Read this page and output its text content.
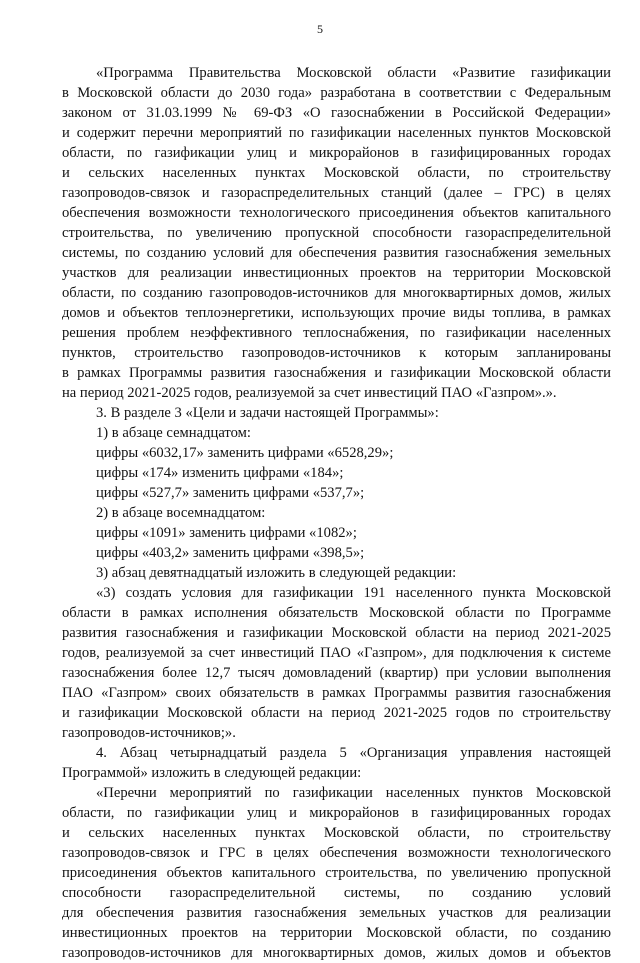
5
«Программа Правительства Московской области «Развитие газификации
в Московской области до 2030 года» разработана в соответствии с Федеральным
законом от 31.03.1999 № 69-ФЗ «О газоснабжении в Российской Федерации»
и содержит перечни мероприятий по газификации населенных пунктов Московской
области, по газификации улиц и микрорайонов в газифицированных городах
и сельских населенных пунктах Московской области, по строительству
газопроводов-связок и газораспределительных станций (далее – ГРС) в целях
обеспечения возможности технологического присоединения объектов капитального
строительства, по увеличению пропускной способности газораспределительной
системы, по созданию условий для обеспечения развития газоснабжения земельных
участков для реализации инвестиционных проектов на территории Московской
области, по созданию газопроводов-источников для многоквартирных домов, жилых
домов и объектов теплоэнергетики, использующих прочие виды топлива, в рамках
решения проблем неэффективного теплоснабжения, по газификации населенных
пунктов, строительство газопроводов-источников к которым запланированы
в рамках Программы развития газоснабжения и газификации Московской области
на период 2021-2025 годов, реализуемой за счет инвестиций ПАО «Газпром».».
3. В разделе 3 «Цели и задачи настоящей Программы»:
1) в абзаце семнадцатом:
цифры «6032,17» заменить цифрами «6528,29»;
цифры «174» изменить цифрами «184»;
цифры «527,7» заменить цифрами «537,7»;
2) в абзаце восемнадцатом:
цифры «1091» заменить цифрами «1082»;
цифры «403,2» заменить цифрами «398,5»;
3) абзац девятнадцатый изложить в следующей редакции:
«3) создать условия для газификации 191 населенного пункта Московской
области в рамках исполнения обязательств Московской области по Программе
развития газоснабжения и газификации Московской области на период 2021-2025
годов, реализуемой за счет инвестиций ПАО «Газпром», для подключения к системе
газоснабжения более 12,7 тысяч домовладений (квартир) при условии выполнения
ПАО «Газпром» своих обязательств в рамках Программы развития газоснабжения
и газификации Московской области на период 2021-2025 годов по строительству
газопроводов-источников;».
4. Абзац четырнадцатый раздела 5 «Организация управления настоящей
Программой» изложить в следующей редакции:
«Перечни мероприятий по газификации населенных пунктов Московской
области, по газификации улиц и микрорайонов в газифицированных городах
и сельских населенных пунктах Московской области, по строительству
газопроводов-связок и ГРС в целях обеспечения возможности технологического
присоединения объектов капитального строительства, по увеличению пропускной
способности газораспределительной системы, по созданию условий
для обеспечения развития газоснабжения земельных участков для реализации
инвестиционных проектов на территории Московской области, по созданию
газопроводов-источников для многоквартирных домов, жилых домов и объектов
